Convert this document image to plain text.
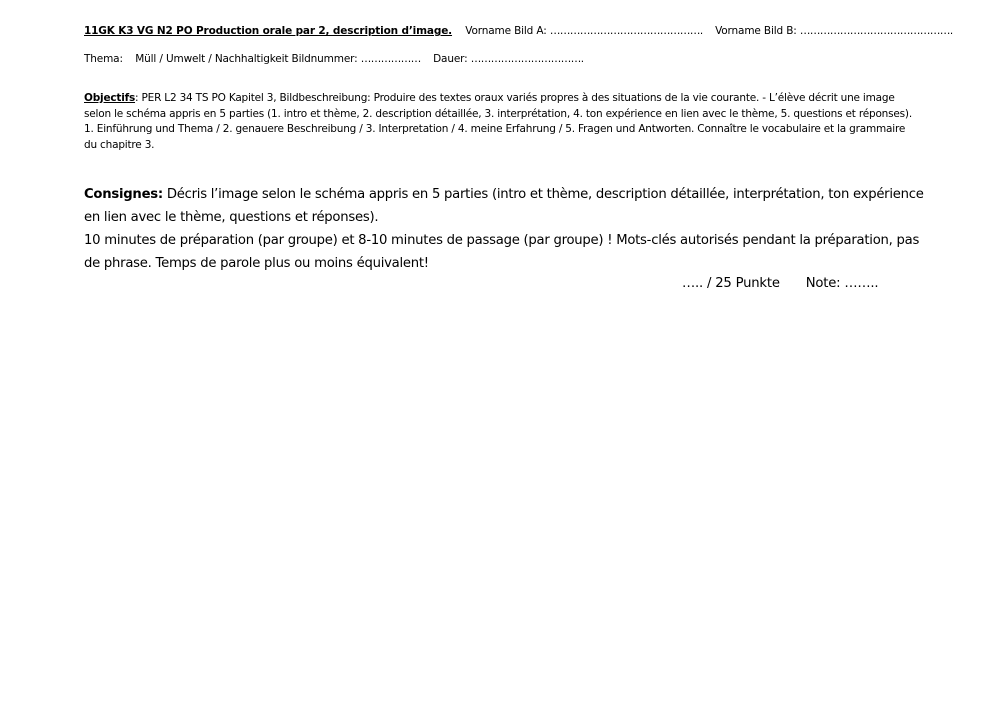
11GK K3 VG N2 PO Production orale par 2, description d’image. Vorname Bild A: ………………………………………. Vorname Bild B: ……………………………………….
Thema: Müll / Umwelt / Nachhaltigkeit Bildnummer: ……………… Dauer: …………………………….
Objectifs: PER L2 34 TS PO Kapitel 3, Bildbeschreibung: Produire des textes oraux variés propres à des situations de la vie courante. - L’élève décrit une image selon le schéma appris en 5 parties (1. intro et thème, 2. description détaillée, 3. interprétation, 4. ton expérience en lien avec le thème, 5. questions et réponses). 1. Einführung und Thema / 2. genauere Beschreibung / 3. Interpretation / 4. meine Erfahrung / 5. Fragen und Antworten. Connaître le vocabulaire et la grammaire du chapitre 3.
Consignes: Décris l’image selon le schéma appris en 5 parties (intro et thème, description détaillée, interprétation, ton expérience en lien avec le thème, questions et réponses).
10 minutes de préparation (par groupe) et 8-10 minutes de passage (par groupe) ! Mots-clés autorisés pendant la préparation, pas de phrase. Temps de parole plus ou moins équivalent!
….. / 25 Punkte Note: ……..
